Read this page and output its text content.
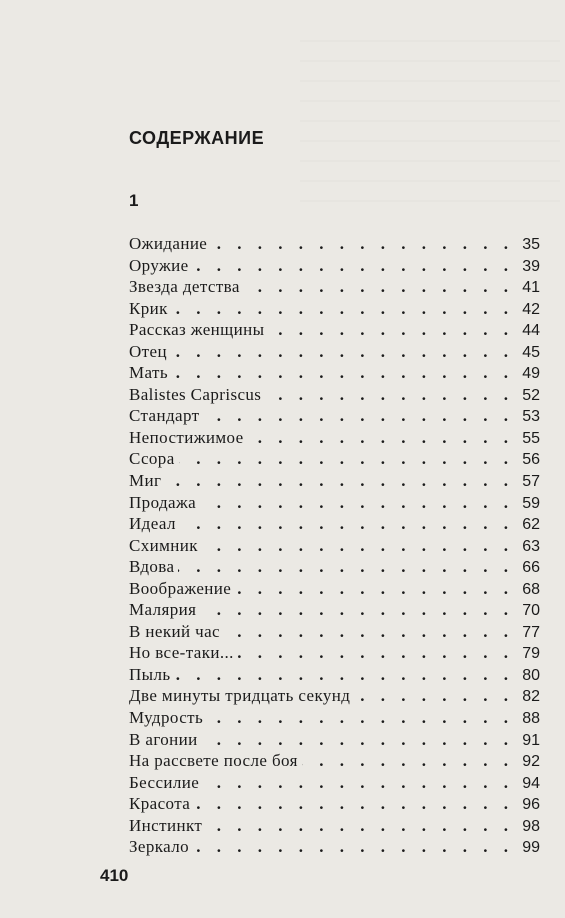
СОДЕРЖАНИЕ
1
Ожидание . . .	35
Оружие . . .	39
Звезда детства . . .	41
Крик . . .	42
Рассказ женщины . . .	44
Отец . . .	45
Мать . . .	49
Balistes Capriscus . . .	52
Стандарт . . .	53
Непостижимое . . .	55
Ссора . . .	56
Миг . . .	57
Продажа . . .	59
Идеал . . .	62
Схимник . . .	63
Вдова . . .	66
Воображение . . .	68
Малярия . . .	70
В некий час . . .	77
Но все-таки... . . .	79
Пыль . . .	80
Две минуты тридцать секунд . . .	82
Мудрость . . .	88
В агонии . . .	91
На рассвете после боя . . .	92
Бессилие . . .	94
Красота . . .	96
Инстинкт . . .	98
Зеркало . . .	99
410
